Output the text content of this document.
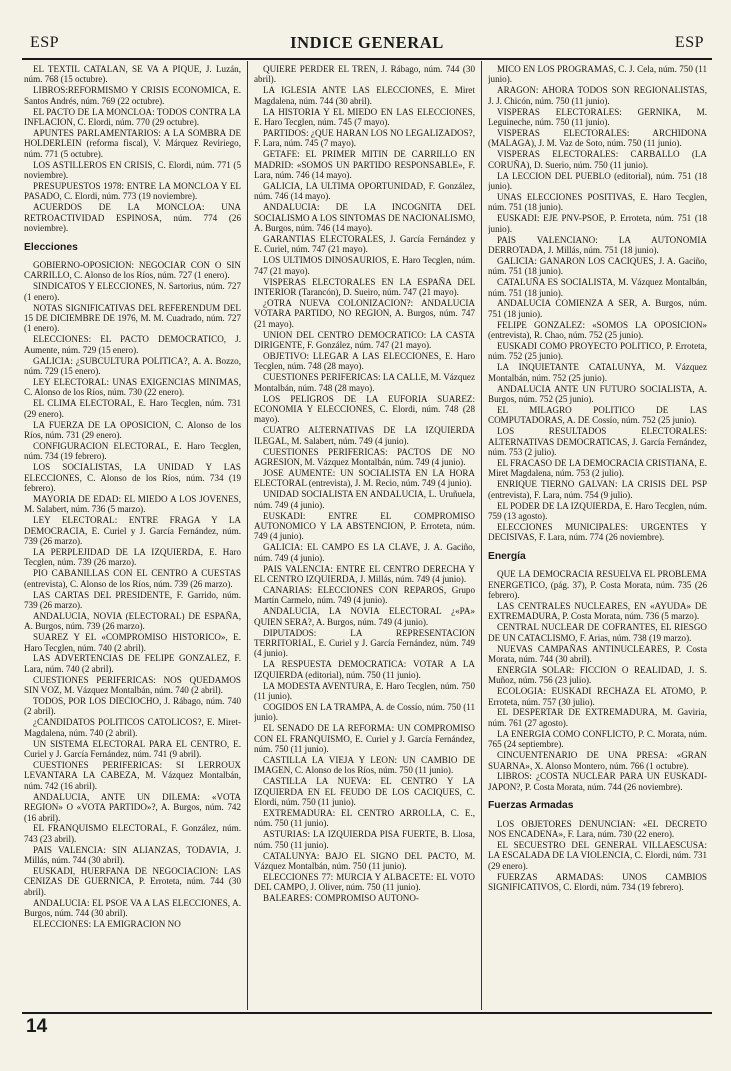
ESP	INDICE GENERAL	ESP
EL TEXTIL CATALAN, SE VA A PIQUE, J. Luzán, núm. 768 (15 octubre).
LIBROS:REFORMISMO Y CRISIS ECONOMICA, E. Santos Andrés, núm. 769 (22 octubre).
EL PACTO DE LA MONCLOA: TODOS CONTRA LA INFLACION, C. Elordi, núm. 770 (29 octubre).
APUNTES PARLAMENTARIOS: A LA SOMBRA DE HOLDERLEIN (reforma fiscal), V. Márquez Reviriego, núm. 771 (5 octubre).
LOS ASTILLEROS EN CRISIS, C. Elordi, núm. 771 (5 noviembre).
PRESUPUESTOS 1978: ENTRE LA MONCLOA Y EL PASADO, C. Elordi, núm. 773 (19 noviembre).
ACUERDOS DE LA MONCLOA: UNA RETROACTIVIDAD ESPINOSA, núm. 774 (26 noviembre).
Elecciones
GOBIERNO-OPOSICION: NEGOCIAR CON O SIN CARRILLO, C. Alonso de los Ríos, núm. 727 (1 enero).
SINDICATOS Y ELECCIONES, N. Sartorius, núm. 727 (1 enero).
NOTAS SIGNIFICATIVAS DEL REFERENDUM DEL 15 DE DICIEMBRE DE 1976, M. M. Cuadrado, núm. 727 (1 enero).
ELECCIONES: EL PACTO DEMOCRATICO, J. Aumente, núm. 729 (15 enero).
GALICIA: ¿SUBCULTURA POLITICA?, A. A. Bozzo, núm. 729 (15 enero).
LEY ELECTORAL: UNAS EXIGENCIAS MINIMAS, C. Alonso de los Ríos, núm. 730 (22 enero).
EL CLIMA ELECTORAL, E. Haro Tecglen, núm. 731 (29 enero).
LA FUERZA DE LA OPOSICION, C. Alonso de los Ríos, núm. 731 (29 enero).
CONFIGURACION ELECTORAL, E. Haro Tecglen, núm. 734 (19 febrero).
LOS SOCIALISTAS, LA UNIDAD Y LAS ELECCIONES, C. Alonso de los Ríos, núm. 734 (19 febrero).
MAYORIA DE EDAD: EL MIEDO A LOS JOVENES, M. Salabert, núm. 736 (5 marzo).
LEY ELECTORAL: ENTRE FRAGA Y LA DEMOCRACIA, E. Curiel y J. García Fernández, núm. 739 (26 marzo).
LA PERPLEJIDAD DE LA IZQUIERDA, E. Haro Tecglen, núm. 739 (26 marzo).
PIO CABANILLAS CON EL CENTRO A CUESTAS (entrevista), C. Alonso de los Ríos, núm. 739 (26 marzo).
LAS CARTAS DEL PRESIDENTE, F. Garrido, núm. 739 (26 marzo).
ANDALUCIA, NOVIA (ELECTORAL) DE ESPAÑA, A. Burgos, núm. 739 (26 marzo).
SUAREZ Y EL «COMPROMISO HISTORICO», E. Haro Tecglen, núm. 740 (2 abril).
LAS ADVERTENCIAS DE FELIPE GONZALEZ, F. Lara, núm. 740 (2 abril).
CUESTIONES PERIFERICAS: NOS QUEDAMOS SIN VOZ, M. Vázquez Montalbán, núm. 740 (2 abril).
TODOS, POR LOS DIECIOCHO, J. Rábago, núm. 740 (2 abril).
¿CANDIDATOS POLITICOS CATOLICOS?, E. Miret-Magdalena, núm. 740 (2 abril).
UN SISTEMA ELECTORAL PARA EL CENTRO, E. Curiel y J. García Fernández, núm. 741 (9 abril).
CUESTIONES PERIFERICAS: SI LERROUX LEVANTARA LA CABEZA, M. Vázquez Montalbán, núm. 742 (16 abril).
ANDALUCIA, ANTE UN DILEMA: «VOTA REGION» O «VOTA PARTIDO»?, A. Burgos, núm. 742 (16 abril).
EL FRANQUISMO ELECTORAL, F. González, núm. 743 (23 abril).
PAIS VALENCIA: SIN ALIANZAS, TODAVIA, J. Millás, núm. 744 (30 abril).
EUSKADI, HUERFANA DE NEGOCIACION: LAS CENIZAS DE GUERNICA, P. Erroteta, núm. 744 (30 abril).
ANDALUCIA: EL PSOE VA A LAS ELECCIONES, A. Burgos, núm. 744 (30 abril).
ELECCIONES: LA EMIGRACION NO
QUIERE PERDER EL TREN, J. Rábago, núm. 744 (30 abril).
LA IGLESIA ANTE LAS ELECCIONES, E. Miret Magdalena, núm. 744 (30 abril).
LA HISTORIA Y EL MIEDO EN LAS ELECCIONES, E. Haro Tecglen, núm. 745 (7 mayo).
PARTIDOS: ¿QUE HARAN LOS NO LEGALIZADOS?, F. Lara, núm. 745 (7 mayo).
GETAFE: EL PRIMER MITIN DE CARRILLO EN MADRID: «SOMOS UN PARTIDO RESPONSABLE», F. Lara, núm. 746 (14 mayo).
GALICIA, LA ULTIMA OPORTUNIDAD, F. González, núm. 746 (14 mayo).
ANDALUCIA: DE LA INCOGNITA DEL SOCIALISMO A LOS SINTOMAS DE NACIONALISMO, A. Burgos, núm. 746 (14 mayo).
GARANTIAS ELECTORALES, J. García Fernández y E. Curiel, núm. 747 (21 mayo).
LOS ULTIMOS DINOSAURIOS, E. Haro Tecglen, núm. 747 (21 mayo).
VISPERAS ELECTORALES EN LA ESPAÑA DEL INTERIOR (Tarancón), D. Sueiro, núm. 747 (21 mayo).
¿OTRA NUEVA COLONIZACION?: ANDALUCIA VOTARA PARTIDO, NO REGION, A. Burgos, núm. 747 (21 mayo).
UNION DEL CENTRO DEMOCRATICO: LA CASTA DIRIGENTE, F. González, núm. 747 (21 mayo).
OBJETIVO: LLEGAR A LAS ELECCIONES, E. Haro Tecglen, núm. 748 (28 mayo).
CUESTIONES PERIFERICAS: LA CALLE, M. Vázquez Montalbán, núm. 748 (28 mayo).
LOS PELIGROS DE LA EUFORIA SUAREZ: ECONOMIA Y ELECCIONES, C. Elordi, núm. 748 (28 mayo).
CUATRO ALTERNATIVAS DE LA IZQUIERDA ILEGAL, M. Salabert, núm. 749 (4 junio).
CUESTIONES PERIFERICAS: PACTOS DE NO AGRESION, M. Vázquez Montalbán, núm. 749 (4 junio).
JOSE AUMENTE: UN SOCIALISTA EN LA HORA ELECTORAL (entrevista), J. M. Recio, núm. 749 (4 junio).
UNIDAD SOCIALISTA EN ANDALUCIA, L. Uruñuela, núm. 749 (4 junio).
EUSKADI: ENTRE EL COMPROMISO AUTONOMICO Y LA ABSTENCION, P. Erroteta, núm. 749 (4 junio).
GALICIA: EL CAMPO ES LA CLAVE, J. A. Gaciño, núm. 749 (4 junio).
PAIS VALENCIA: ENTRE EL CENTRO DERECHA Y EL CENTRO IZQUIERDA, J. Millás, núm. 749 (4 junio).
CANARIAS: ELECCIONES CON REPAROS, Grupo Martín Carmelo, núm. 749 (4 junio).
ANDALUCIA, LA NOVIA ELECTORAL ¿«PA» QUIEN SERA?, A. Burgos, núm. 749 (4 junio).
DIPUTADOS: LA REPRESENTACION TERRITORIAL, E. Curiel y J. García Fernández, núm. 749 (4 junio).
LA RESPUESTA DEMOCRATICA: VOTAR A LA IZQUIERDA (editorial), núm. 750 (11 junio).
LA MODESTA AVENTURA, E. Haro Tecglen, núm. 750 (11 junio).
COGIDOS EN LA TRAMPA, A. de Cossío, núm. 750 (11 junio).
EL SENADO DE LA REFORMA: UN COMPROMISO CON EL FRANQUISMO, E. Curiel y J. García Fernández, núm. 750 (11 junio).
CASTILLA LA VIEJA Y LEON: UN CAMBIO DE IMAGEN, C. Alonso de los Ríos, núm. 750 (11 junio).
CASTILLA LA NUEVA: EL CENTRO Y LA IZQUIERDA EN EL FEUDO DE LOS CACIQUES, C. Elordi, núm. 750 (11 junio).
EXTREMADURA: EL CENTRO ARROLLA, C. E., núm. 750 (11 junio).
ASTURIAS: LA IZQUIERDA PISA FUERTE, B. Llosa, núm. 750 (11 junio).
CATALUNYA: BAJO EL SIGNO DEL PACTO, M. Vázquez Montalbán, núm. 750 (11 junio).
ELECCIONES 77: MURCIA Y ALBACETE: EL VOTO DEL CAMPO, J. Oliver, núm. 750 (11 junio).
BALEARES: COMPROMISO AUTONO-
MICO EN LOS PROGRAMAS, C. J. Cela, núm. 750 (11 junio).
ARAGON: AHORA TODOS SON REGIONALISTAS, J. J. Chicón, núm. 750 (11 junio).
VISPERAS ELECTORALES: GERNIKA, M. Leguineche, núm. 750 (11 junio).
VISPERAS ELECTORALES: ARCHIDONA (MALAGA), J. M. Vaz de Soto, núm. 750 (11 junio).
VISPERAS ELECTORALES: CARBALLO (LA CORUÑA), D. Suerio, núm. 750 (11 junio).
LA LECCION DEL PUEBLO (editorial), núm. 751 (18 junio).
UNAS ELECCIONES POSITIVAS, E. Haro Tecglen, núm. 751 (18 junio).
EUSKADI: EJE PNV-PSOE, P. Erroteta, núm. 751 (18 junio).
PAIS VALENCIANO: LA AUTONOMIA DERROTADA, J. Millás, núm. 751 (18 junio).
GALICIA: GANARON LOS CACIQUES, J. A. Gaciño, núm. 751 (18 junio).
CATALUÑA ES SOCIALISTA, M. Vázquez Montalbán, núm. 751 (18 junio).
ANDALUCIA COMIENZA A SER, A. Burgos, núm. 751 (18 junio).
FELIPE GONZALEZ: «SOMOS LA OPOSICION» (entrevista), R. Chao, núm. 752 (25 junio).
EUSKADI COMO PROYECTO POLITICO, P. Erroteta, núm. 752 (25 junio).
LA INQUIETANTE CATALUNYA, M. Vázquez Montalbán, núm. 752 (25 junio).
ANDALUCIA ANTE UN FUTURO SOCIALISTA, A. Burgos, núm. 752 (25 junio).
EL MILAGRO POLITICO DE LAS COMPUTADORAS, A. DE Cossío, núm. 752 (25 junio).
LOS RESULTADOS ELECTORALES: ALTERNATIVAS DEMOCRATICAS, J. García Fernández, núm. 753 (2 julio).
EL FRACASO DE LA DEMOCRACIA CRISTIANA, E. Miret Magdalena, núm. 753 (2 julio).
ENRIQUE TIERNO GALVAN: LA CRISIS DEL PSP (entrevista), F. Lara, núm. 754 (9 julio).
EL PODER DE LA IZQUIERDA, E. Haro Tecglen, núm. 759 (13 agosto).
ELECCIONES MUNICIPALES: URGENTES Y DECISIVAS, F. Lara, núm. 774 (26 noviembre).
Energía
QUE LA DEMOCRACIA RESUELVA EL PROBLEMA ENERGETICO, (pág. 37), P. Costa Morata, núm. 735 (26 febrero).
LAS CENTRALES NUCLEARES, EN «AYUDA» DE EXTREMADURA, P. Costa Morata, núm. 736 (5 marzo).
CENTRAL NUCLEAR DE COFRANTES, EL RIESGO DE UN CATACLISMO, F. Arias, núm. 738 (19 marzo).
NUEVAS CAMPAÑAS ANTINUCLEARES, P. Costa Morata, núm. 744 (30 abril).
ENERGIA SOLAR: FICCION O REALIDAD, J. S. Muñoz, núm. 756 (23 julio).
ECOLOGIA: EUSKADI RECHAZA EL ATOMO, P. Erroteta, núm. 757 (30 julio).
EL DESPERTAR DE EXTREMADURA, M. Gaviria, núm. 761 (27 agosto).
LA ENERGIA COMO CONFLICTO, P. C. Morata, núm. 765 (24 septiembre).
CINCUENTENARIO DE UNA PRESA: «GRAN SUARNA», X. Alonso Montero, núm. 766 (1 octubre).
LIBROS: ¿COSTA NUCLEAR PARA UN EUSKADI-JAPON?, P. Costa Morata, núm. 744 (26 noviembre).
Fuerzas Armadas
LOS OBJETORES DENUNCIAN: «EL DECRETO NOS ENCADENA», F. Lara, núm. 730 (22 enero).
EL SECUESTRO DEL GENERAL VILLAESCUSA: LA ESCALADA DE LA VIOLENCIA, C. Elordi, núm. 731 (29 enero).
FUERZAS ARMADAS: UNOS CAMBIOS SIGNIFICATIVOS, C. Elordi, núm. 734 (19 febrero).
14
